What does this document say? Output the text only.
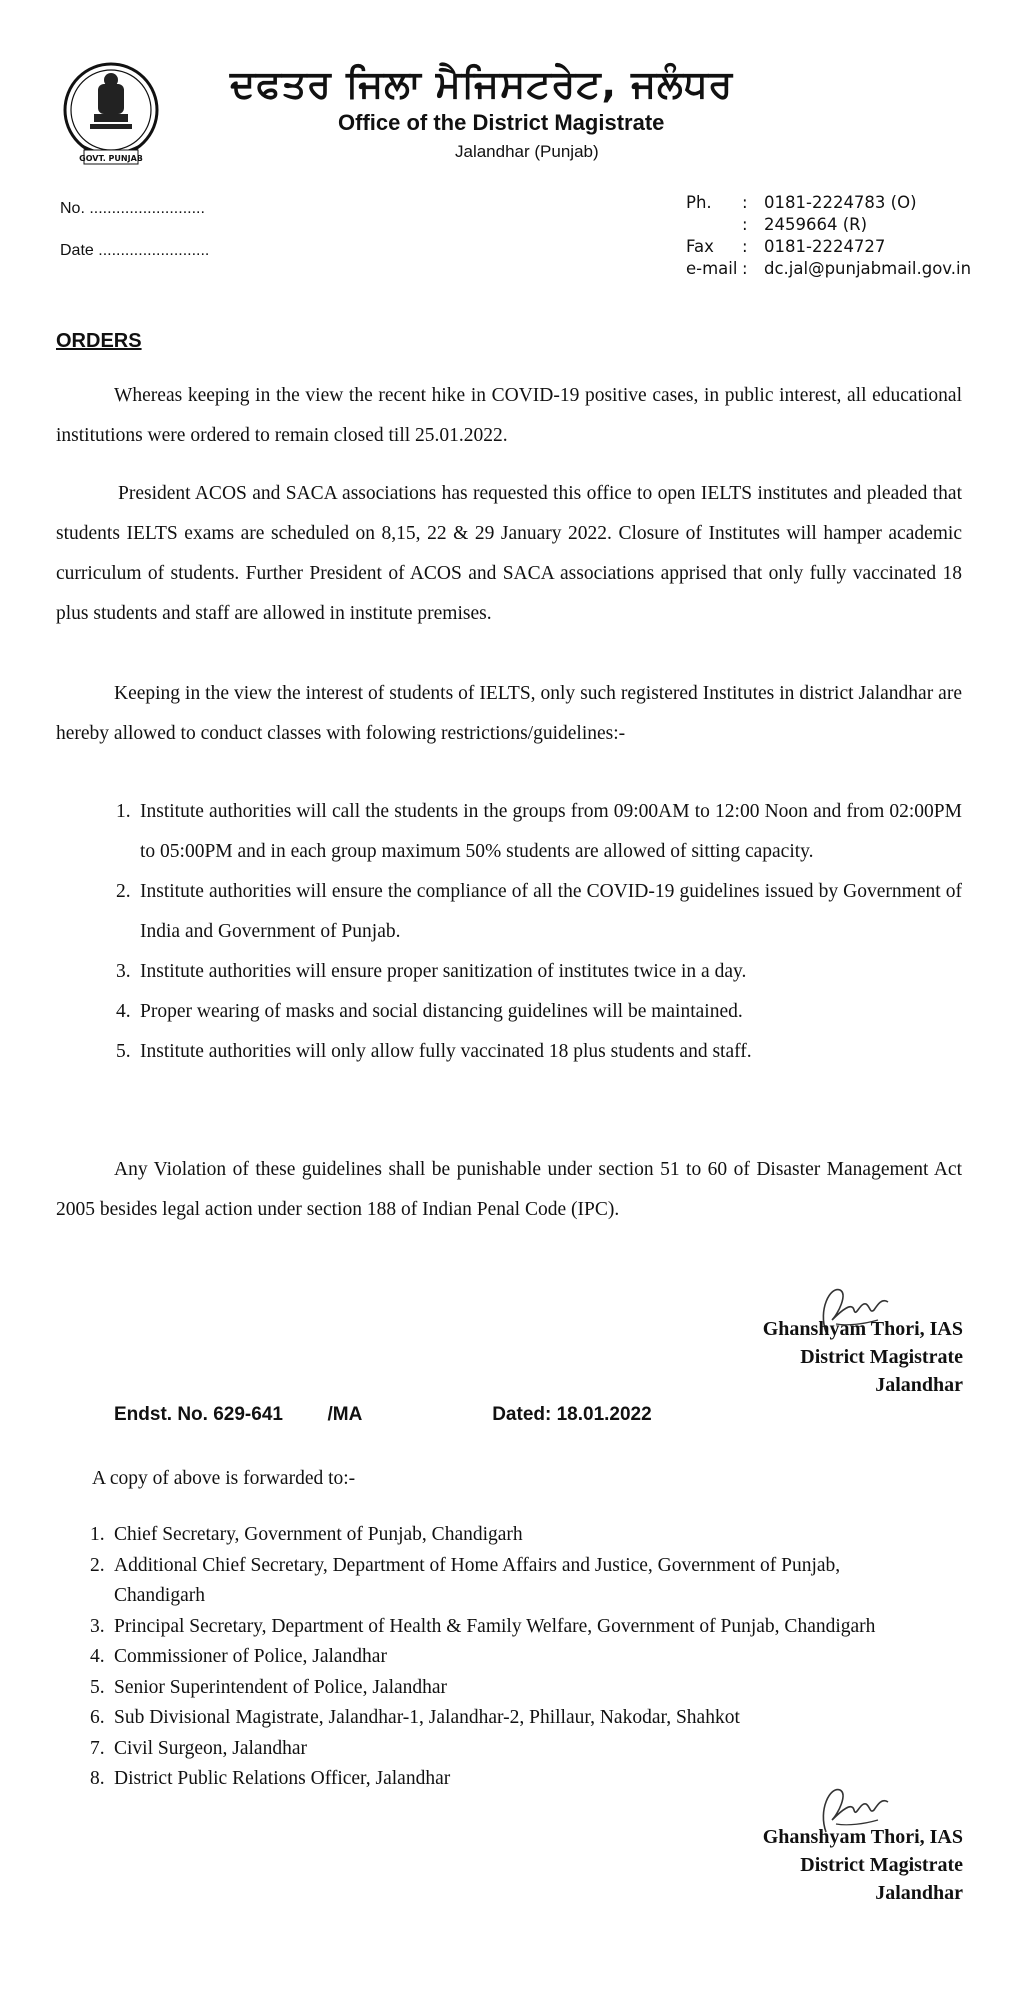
GOVT. PUNJAB
ਦਫਤਰ ਜਿਲਾ ਮੈਜਿਸਟਰੇਟ, ਜਲੰਧਰ
Office of the District Magistrate
Jalandhar (Punjab)
No. ..........................
Date .........................
Ph.	:	0181-2224783 (O)
	:	2459664 (R)
Fax	:	0181-2224727
e-mail	:	dc.jal@punjabmail.gov.in
ORDERS
Whereas keeping in the view the recent hike in COVID-19 positive cases, in public interest, all educational institutions were ordered to remain closed till 25.01.2022.
President ACOS and SACA associations has requested this office to open IELTS institutes and pleaded that students IELTS exams are scheduled on 8,15, 22 & 29 January 2022. Closure of Institutes will hamper academic curriculum of students. Further President of ACOS and SACA associations apprised that only fully vaccinated 18 plus students and staff are allowed in institute premises.
Keeping in the view the interest of students of IELTS, only such registered Institutes in district Jalandhar are hereby allowed to conduct classes with folowing restrictions/guidelines:-
1. Institute authorities will call the students in the groups from 09:00AM to 12:00 Noon and from 02:00PM to 05:00PM and in each group maximum 50% students are allowed of sitting capacity.
2. Institute authorities will ensure the compliance of all the COVID-19 guidelines issued by Government of India and Government of Punjab.
3. Institute authorities will ensure proper sanitization of institutes twice in a day.
4. Proper wearing of masks and social distancing guidelines will be maintained.
5. Institute authorities will only allow fully vaccinated 18 plus students and staff.
Any Violation of these guidelines shall be punishable under section 51 to 60 of Disaster Management Act 2005 besides legal action under section 188 of Indian Penal Code (IPC).
Ghanshyam Thori, IAS
District Magistrate
Jalandhar
Endst. No. 629-641 /MA	Dated: 18.01.2022
A copy of above is forwarded to:-
1. Chief Secretary, Government of Punjab, Chandigarh
2. Additional Chief Secretary, Department of Home Affairs and Justice, Government of Punjab, Chandigarh
3. Principal Secretary, Department of Health & Family Welfare, Government of Punjab, Chandigarh
4. Commissioner of Police, Jalandhar
5. Senior Superintendent of Police, Jalandhar
6. Sub Divisional Magistrate, Jalandhar-1, Jalandhar-2, Phillaur, Nakodar, Shahkot
7. Civil Surgeon, Jalandhar
8. District Public Relations Officer, Jalandhar
Ghanshyam Thori, IAS
District Magistrate
Jalandhar
